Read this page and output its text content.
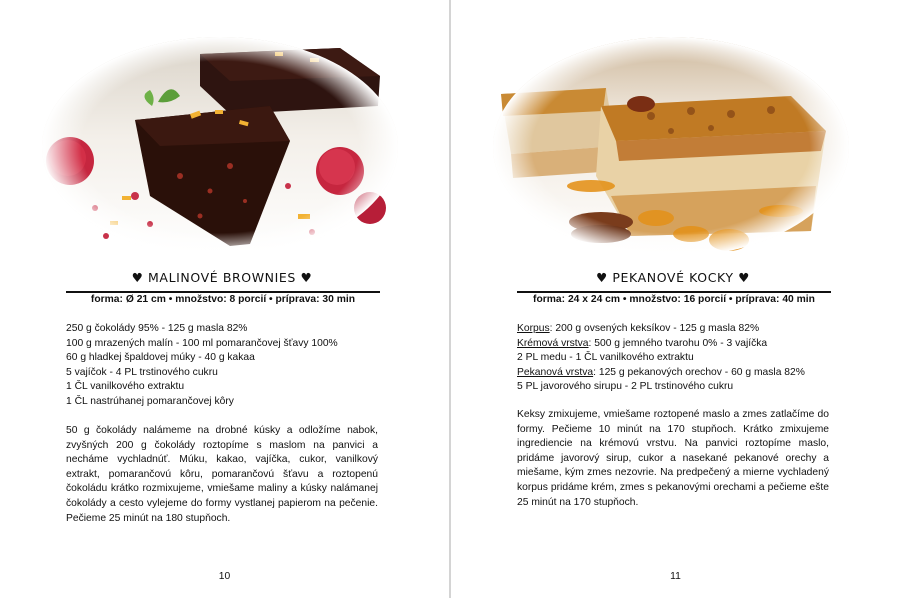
♥ MALINOVÉ BROWNIES ♥
forma: Ø 21 cm • množstvo: 8 porcií • príprava: 30 min
250 g čokolády 95% - 125 g masla 82%
100 g mrazených malín - 100 ml pomarančovej šťavy 100%
60 g hladkej špaldovej múky - 40 g kakaa
5 vajíčok - 4 PL trstinového cukru
1 ČL vanilkového extraktu
1 ČL nastrúhanej pomarančovej kôry
50 g čokolády nalámeme na drobné kúsky a odložíme nabok, zvyšných 200 g čokolády roztopíme s maslom na panvici a necháme vychladnúť. Múku, kakao, vajíčka, cukor, vanilkový extrakt, pomarančovú kôru, pomarančovú šťavu a roztopenú čokoládu krátko rozmixujeme, vmiešame maliny a kúsky nalámanej čokolády a cesto vylejeme do formy vystlanej papierom na pečenie. Pečieme 25 minút na 180 stupňoch.
10
♥ PEKANOVÉ KOCKY ♥
forma: 24 x 24 cm • množstvo: 16 porcií • príprava: 40 min
Korpus: 200 g ovsených keksíkov - 125 g masla 82%
Krémová vrstva: 500 g jemného tvarohu 0% - 3 vajíčka
2 PL medu - 1 ČL vanilkového extraktu
Pekanová vrstva: 125 g pekanových orechov - 60 g masla 82%
5 PL javorového sirupu - 2 PL trstinového cukru
Keksy zmixujeme, vmiešame roztopené maslo a zmes zatlačíme do formy. Pečieme 10 minút na 170 stupňoch. Krátko zmixujeme ingrediencie na krémovú vrstvu. Na panvici roztopíme maslo, pridáme javorový sirup, cukor a nasekané pekanové orechy a miešame, kým zmes nezovrie. Na predpečený a mierne vychladený korpus pridáme krém, zmes s pekanovými orechami a pečieme ešte 25 minút na 170 stupňoch.
11
